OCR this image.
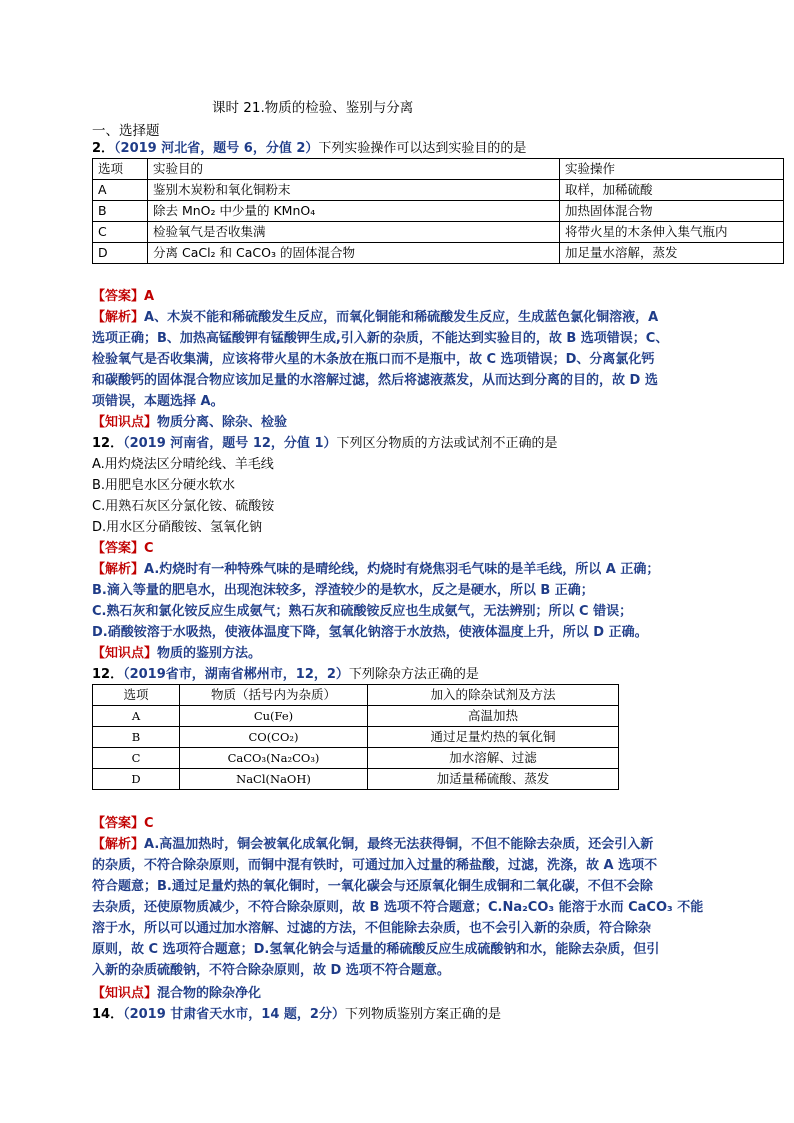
课时 21.物质的检验、鉴别与分离
一、选择题
2．（2019 河北省，题号 6，分值 2）下列实验操作可以达到实验目的的是
选项	实验目的	实验操作
A	鉴别木炭粉和氧化铜粉末	取样，加稀硫酸
B	除去 MnO₂ 中少量的 KMnO₄	加热固体混合物
C	检验氧气是否收集满	将带火星的木条伸入集气瓶内
D	分离 CaCl₂ 和 CaCO₃ 的固体混合物	加足量水溶解，蒸发
【答案】A
【解析】A、木炭不能和稀硫酸发生反应，而氧化铜能和稀硫酸发生反应，生成蓝色氯化铜溶液，A
选项正确；B、加热高锰酸钾有锰酸钾生成,引入新的杂质，不能达到实验目的，故 B 选项错误；C、
检验氧气是否收集满，应该将带火星的木条放在瓶口而不是瓶中，故 C 选项错误；D、分离氯化钙
和碳酸钙的固体混合物应该加足量的水溶解过滤，然后将滤液蒸发，从而达到分离的目的，故 D 选
项错误，本题选择 A。
【知识点】物质分离、除杂、检验
12．（2019 河南省，题号 12，分值 1）下列区分物质的方法或试剂不正确的是
A.用灼烧法区分晴纶线、羊毛线
B.用肥皂水区分硬水软水
C.用熟石灰区分氯化铵、硫酸铵
D.用水区分硝酸铵、氢氧化钠
【答案】C
【解析】A.灼烧时有一种特殊气味的是晴纶线，灼烧时有烧焦羽毛气味的是羊毛线，所以 A 正确；
B.滴入等量的肥皂水，出现泡沫较多，浮渣较少的是软水，反之是硬水，所以 B 正确；
C.熟石灰和氯化铵反应生成氨气；熟石灰和硫酸铵反应也生成氨气，无法辨别；所以 C 错误；
D.硝酸铵溶于水吸热，使液体温度下降，氢氧化钠溶于水放热，使液体温度上升，所以 D 正确。
【知识点】物质的鉴别方法。
12．（2019省市，湖南省郴州市，12，2）下列除杂方法正确的是
选项	物质（括号内为杂质）	加入的除杂试剂及方法
A	Cu(Fe)	高温加热
B	CO(CO₂)	通过足量灼热的氧化铜
C	CaCO₃(Na₂CO₃)	加水溶解、过滤
D	NaCl(NaOH)	加适量稀硫酸、蒸发
【答案】C
【解析】A.高温加热时，铜会被氧化成氧化铜，最终无法获得铜，不但不能除去杂质，还会引入新
的杂质，不符合除杂原则，而铜中混有铁时，可通过加入过量的稀盐酸，过滤，洗涤，故 A 选项不
符合题意；B.通过足量灼热的氧化铜时，一氧化碳会与还原氧化铜生成铜和二氧化碳，不但不会除
去杂质，还使原物质减少，不符合除杂原则，故 B 选项不符合题意；C.Na₂CO₃ 能溶于水而 CaCO₃ 不能
溶于水，所以可以通过加水溶解、过滤的方法，不但能除去杂质，也不会引入新的杂质，符合除杂
原则，故 C 选项符合题意；D.氢氧化钠会与适量的稀硫酸反应生成硫酸钠和水，能除去杂质，但引
入新的杂质硫酸钠，不符合除杂原则，故 D 选项不符合题意。
【知识点】混合物的除杂净化
14．（2019 甘肃省天水市，14 题，2分）下列物质鉴别方案正确的是
